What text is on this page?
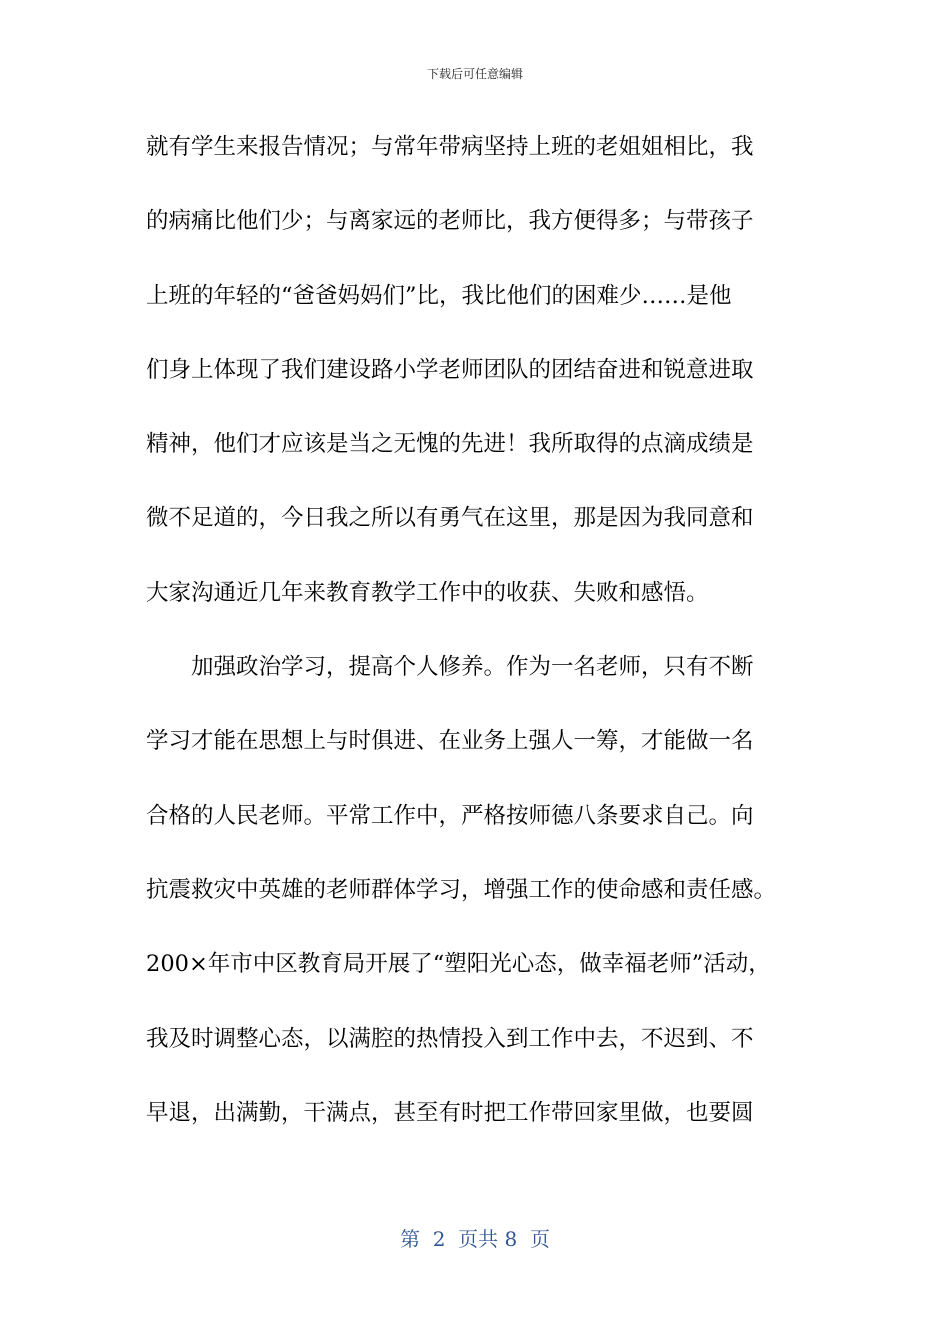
下载后可任意编辑
就有学生来报告情况；与常年带病坚持上班的老姐姐相比，我
的病痛比他们少；与离家远的老师比，我方便得多；与带孩子
上班的年轻的“爸爸妈妈们”比，我比他们的困难少……是他
们身上体现了我们建设路小学老师团队的团结奋进和锐意进取
精神，他们才应该是当之无愧的先进！我所取得的点滴成绩是
微不足道的，今日我之所以有勇气在这里，那是因为我同意和
大家沟通近几年来教育教学工作中的收获、失败和感悟。
加强政治学习，提高个人修养。作为一名老师，只有不断
学习才能在思想上与时俱进、在业务上强人一筹，才能做一名
合格的人民老师。平常工作中，严格按师德八条要求自己。向
抗震救灾中英雄的老师群体学习，增强工作的使命感和责任感。
200×年市中区教育局开展了“塑阳光心态，做幸福老师”活动，
我及时调整心态，以满腔的热情投入到工作中去，不迟到、不
早退，出满勤，干满点，甚至有时把工作带回家里做，也要圆
第  2  页共 8  页
